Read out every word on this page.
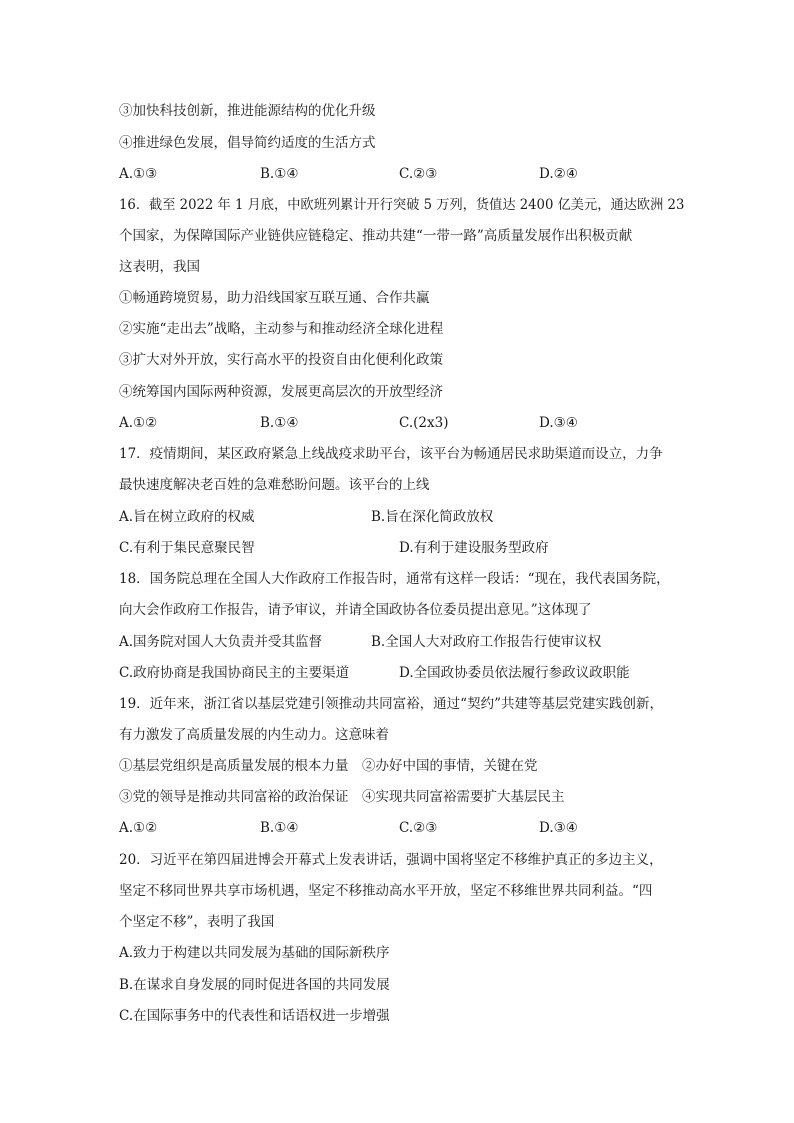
③加快科技创新，推进能源结构的优化升级
④推进绿色发展，倡导简约适度的生活方式
A.①③	B.①④	C.②③	D.②④
16．截至 2022 年 1 月底，中欧班列累计开行突破 5 万列，货值达 2400 亿美元，通达欧洲 23
个国家，为保障国际产业链供应链稳定、推动共建“一带一路”高质量发展作出积极贡献
这表明，我国
①畅通跨境贸易，助力沿线国家互联互通、合作共赢
②实施“走出去”战略，主动参与和推动经济全球化进程
③扩大对外开放，实行高水平的投资自由化便利化政策
④统筹国内国际两种资源，发展更高层次的开放型经济
A.①②	B.①④	C.(2x3)	D.③④
17．疫情期间，某区政府紧急上线战疫求助平台，该平台为畅通居民求助渠道而设立，力争
最快速度解决老百姓的急难愁盼问题。该平台的上线
A.旨在树立政府的权威	B.旨在深化简政放权
C.有利于集民意聚民智	D.有利于建设服务型政府
18．国务院总理在全国人大作政府工作报告时，通常有这样一段话：“现在，我代表国务院，
向大会作政府工作报告，请予审议，并请全国政协各位委员提出意见。”这体现了
A.国务院对国人大负责并受其监督	B.全国人大对政府工作报告行使审议权
C.政府协商是我国协商民主的主要渠道	D.全国政协委员依法履行参政议政职能
19．近年来，浙江省以基层党建引领推动共同富裕，通过“契约”共建等基层党建实践创新，
有力激发了高质量发展的内生动力。这意味着
①基层党组织是高质量发展的根本力量　②办好中国的事情，关键在党
③党的领导是推动共同富裕的政治保证　④实现共同富裕需要扩大基层民主
A.①②	B.①④	C.②③	D.③④
20．习近平在第四届进博会开幕式上发表讲话，强调中国将坚定不移维护真正的多边主义，
坚定不移同世界共享市场机遇，坚定不移推动高水平开放，坚定不移维世界共同利益。“四
个坚定不移”，表明了我国
A.致力于构建以共同发展为基础的国际新秩序
B.在谋求自身发展的同时促进各国的共同发展
C.在国际事务中的代表性和话语权进一步增强
